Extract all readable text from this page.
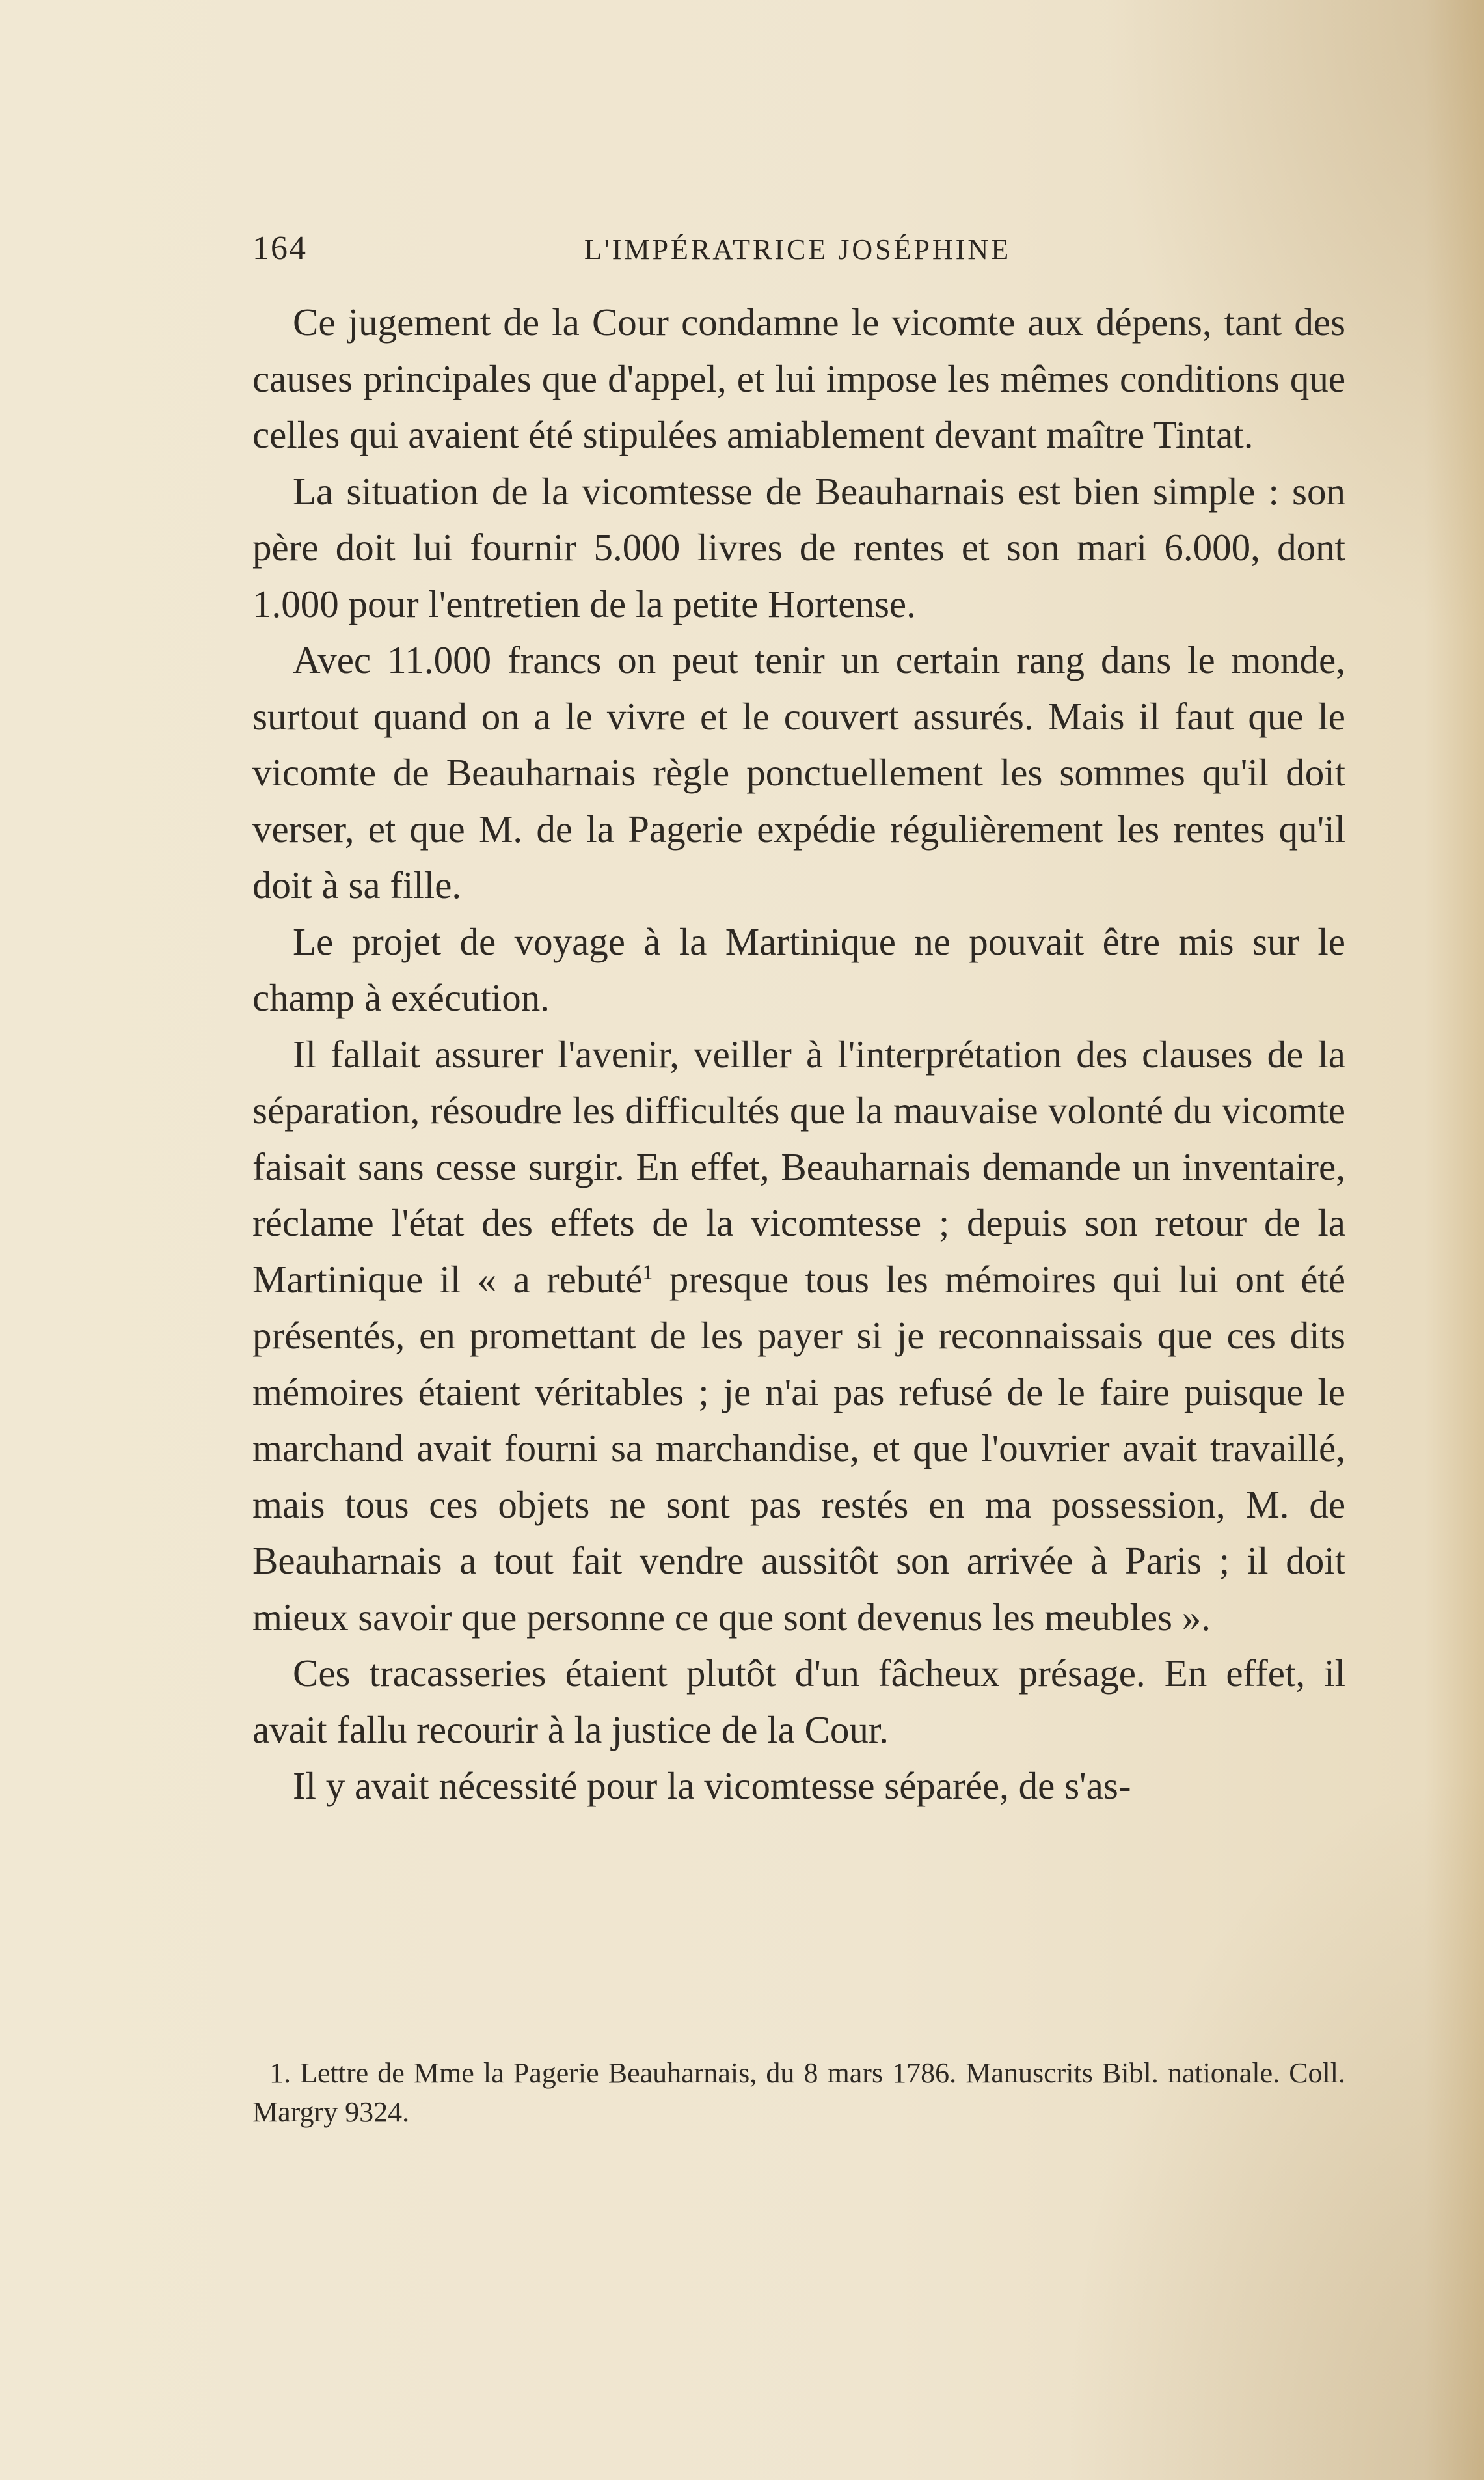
164	L'IMPÉRATRICE JOSÉPHINE

Ce jugement de la Cour condamne le vicomte aux dépens, tant des causes principales que d'appel, et lui impose les mêmes conditions que celles qui avaient été stipulées amiablement devant maître Tintat.

La situation de la vicomtesse de Beauharnais est bien simple : son père doit lui fournir 5.000 livres de rentes et son mari 6.000, dont 1.000 pour l'entretien de la petite Hortense.

Avec 11.000 francs on peut tenir un certain rang dans le monde, surtout quand on a le vivre et le couvert assurés. Mais il faut que le vicomte de Beauharnais règle ponctuellement les sommes qu'il doit verser, et que M. de la Pagerie expédie régulièrement les rentes qu'il doit à sa fille.

Le projet de voyage à la Martinique ne pouvait être mis sur le champ à exécution.

Il fallait assurer l'avenir, veiller à l'interprétation des clauses de la séparation, résoudre les difficultés que la mauvaise volonté du vicomte faisait sans cesse surgir. En effet, Beauharnais demande un inventaire, réclame l'état des effets de la vicomtesse ; depuis son retour de la Martinique il « a rebuté$^1$ presque tous les mémoires qui lui ont été présentés, en promettant de les payer si je reconnaissais que ces dits mémoires étaient véritables ; je n'ai pas refusé de le faire puisque le marchand avait fourni sa marchandise, et que l'ouvrier avait travaillé, mais tous ces objets ne sont pas restés en ma possession, M. de Beauharnais a tout fait vendre aussitôt son arrivée à Paris ; il doit mieux savoir que personne ce que sont devenus les meubles ».

Ces tracasseries étaient plutôt d'un fâcheux présage. En effet, il avait fallu recourir à la justice de la Cour.

Il y avait nécessité pour la vicomtesse séparée, de s'as-

1. Lettre de Mme la Pagerie Beauharnais, du 8 mars 1786. Manuscrits Bibl. nationale. Coll. Margry 9324.
